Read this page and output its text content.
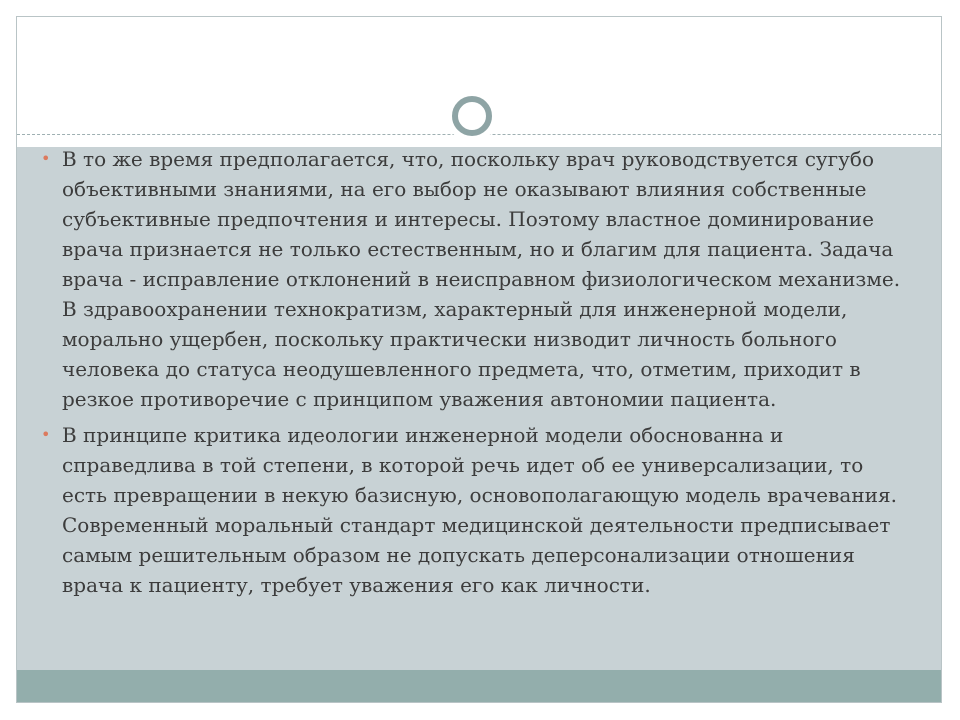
• В то же время предполагается, что, поскольку врач руководствуется сугубо объективными знаниями, на его выбор не оказывают влияния собственные субъективные предпочтения и интересы. Поэтому властное доминирование врача признается не только естественным, но и благим для пациента. Задача врача - исправление отклонений в неисправном физиологическом механизме. В здравоохранении технократизм, характерный для инженерной модели, морально ущербен, поскольку практически низводит личность больного человека до статуса неодушевленного предмета, что, отметим, приходит в резкое противоречие с принципом уважения автономии пациента.
• В принципе критика идеологии инженерной модели обоснованна и справедлива в той степени, в которой речь идет об ее универсализации, то есть превращении в некую базисную, основополагающую модель врачевания. Современный моральный стандарт медицинской деятельности предписывает самым решительным образом не допускать деперсонализации отношения врача к пациенту, требует уважения его как личности.
